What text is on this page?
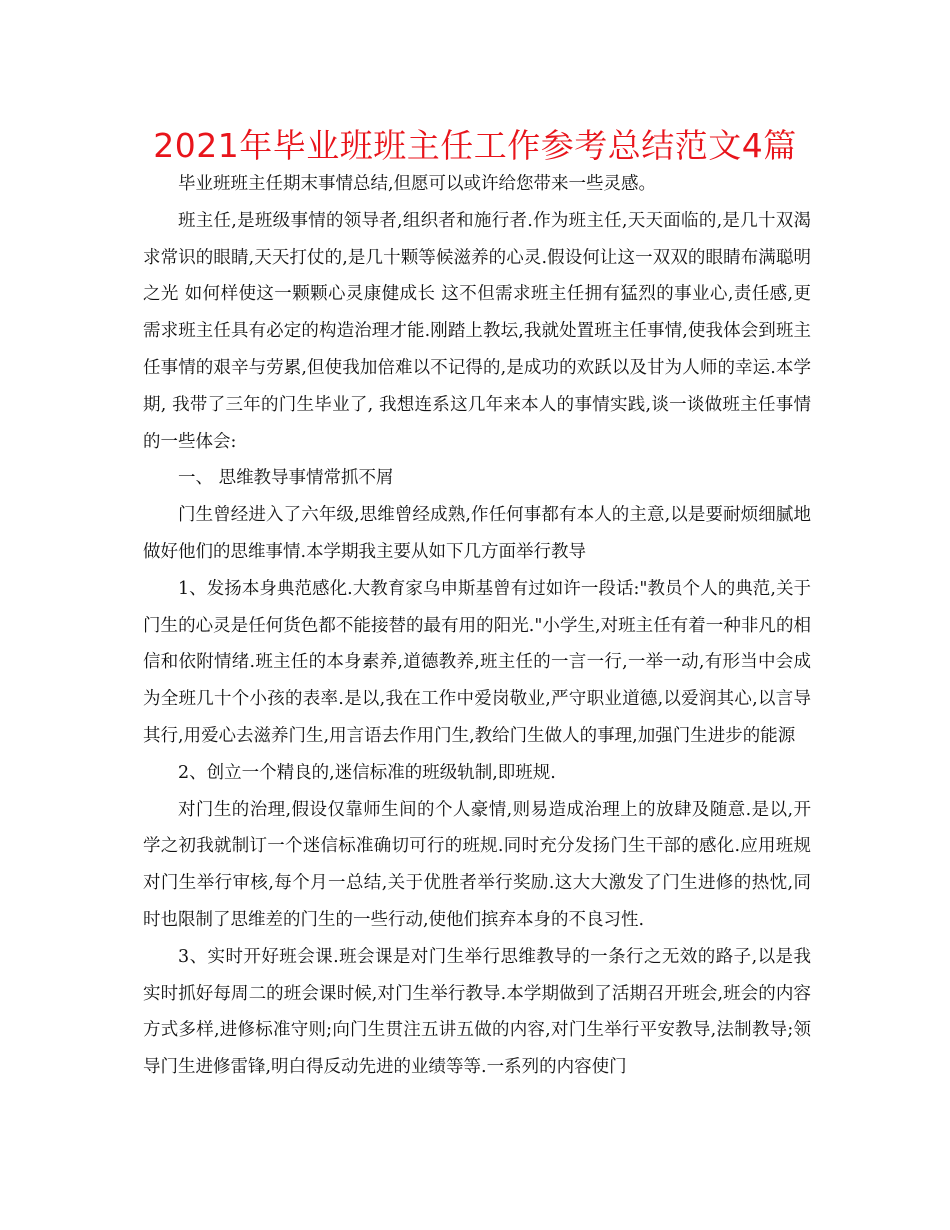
2021年毕业班班主任工作参考总结范文4篇

毕业班班主任期末事情总结,但愿可以或许给您带来一些灵感。

班主任,是班级事情的领导者,组织者和施行者.作为班主任,天天面临的,是几十双渴求常识的眼睛,天天打仗的,是几十颗等候滋养的心灵.假设何让这一双双的眼睛布满聪明之光 如何样使这一颗颗心灵康健成长 这不但需求班主任拥有猛烈的事业心,责任感,更需求班主任具有必定的构造治理才能.刚踏上教坛,我就处置班主任事情,使我体会到班主任事情的艰辛与劳累,但使我加倍难以不记得的,是成功的欢跃以及甘为人师的幸运.本学期, 我带了三年的门生毕业了, 我想连系这几年来本人的事情实践,谈一谈做班主任事情的一些体会:

一、 思维教导事情常抓不屑

门生曾经进入了六年级,思维曾经成熟,作任何事都有本人的主意,以是要耐烦细腻地做好他们的思维事情.本学期我主要从如下几方面举行教导

1、发扬本身典范感化.大教育家乌申斯基曾有过如许一段话:"教员个人的典范,关于门生的心灵是任何货色都不能接替的最有用的阳光."小学生,对班主任有着一种非凡的相信和依附情绪.班主任的本身素养,道德教养,班主任的一言一行,一举一动,有形当中会成为全班几十个小孩的表率.是以,我在工作中爱岗敬业,严守职业道德,以爱润其心,以言导其行,用爱心去滋养门生,用言语去作用门生,教给门生做人的事理,加强门生进步的能源

2、创立一个精良的,迷信标准的班级轨制,即班规.

对门生的治理,假设仅靠师生间的个人豪情,则易造成治理上的放肆及随意.是以,开学之初我就制订一个迷信标准确切可行的班规.同时充分发扬门生干部的感化.应用班规对门生举行审核,每个月一总结,关于优胜者举行奖励.这大大激发了门生进修的热忱,同时也限制了思维差的门生的一些行动,使他们摈弃本身的不良习性.

3、实时开好班会课.班会课是对门生举行思维教导的一条行之无效的路子,以是我实时抓好每周二的班会课时候,对门生举行教导.本学期做到了活期召开班会,班会的内容方式多样,进修标准守则;向门生贯注五讲五做的内容,对门生举行平安教导,法制教导;领导门生进修雷锋,明白得反动先进的业绩等等.一系列的内容使门
